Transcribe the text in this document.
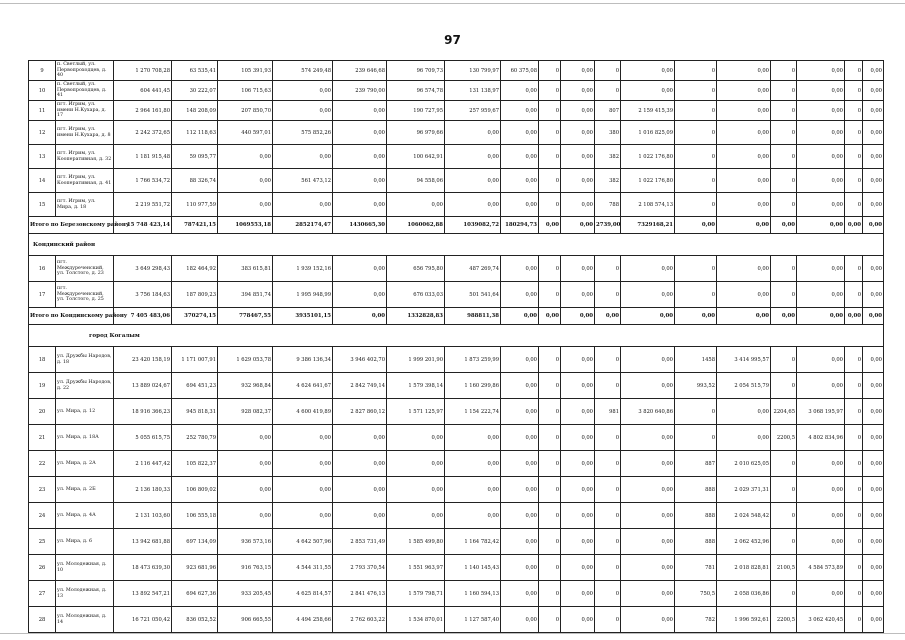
97
9	п. Светлый, ул. Первопроходцев, д. 40	1 270 708,28	63 535,41	105 391,93	574 249,48	239 646,68	96 709,73	130 799,97	60 375,08	0	0,00	0	0,00	0	0,00	0	0,00	0	0,00
10	п. Светлый, ул. Первопроходцев, д. 41	604 441,45	30 222,07	106 715,63	0,00	239 790,00	96 574,78	131 138,97	0,00	0	0,00	0	0,00	0	0,00	0	0,00	0	0,00
11	пгт. Игрим, ул. имени Н.Кухара, д. 17	2 964 161,80	148 208,09	207 850,70	0,00	0,00	190 727,95	257 959,67	0,00	0	0,00	807	2 159 415,39	0	0,00	0	0,00	0	0,00
12	пгт. Игрим, ул. имени Н.Кухара, д. 8	2 242 372,65	112 118,63	440 597,01	575 852,26	0,00	96 979,66	0,00	0,00	0	0,00	380	1 016 825,09	0	0,00	0	0,00	0	0,00
13	пгт. Игрим, ул. Кооперативная, д. 32	1 181 915,48	59 095,77	0,00	0,00	0,00	100 642,91	0,00	0,00	0	0,00	382	1 022 176,80	0	0,00	0	0,00	0	0,00
14	пгт. Игрим, ул. Кооперативная, д. 41	1 766 534,72	88 326,74	0,00	561 473,12	0,00	94 558,06	0,00	0,00	0	0,00	382	1 022 176,80	0	0,00	0	0,00	0	0,00
15	пгт. Игрим, ул. Мира, д. 18	2 219 551,72	110 977,59	0,00	0,00	0,00	0,00	0,00	0,00	0	0,00	788	2 108 574,13	0	0,00	0	0,00	0	0,00
Итого по Березовскому району		15 748 423,14	787421,15	1069553,18	2852174,47	1430665,30	1060062,88	1039082,72	180294,73	0,00	0,00	2739,00	7329168,21	0,00	0,00	0,00	0,00	0,00	0,00
Кондинский район																			
16	пгт. Междуреченский, ул. Толстого, д. 23	3 649 298,43	182 464,92	383 615,81	1 939 152,16	0,00	656 795,80	487 269,74	0,00	0	0,00	0	0,00	0	0,00	0	0,00	0	0,00
17	пгт. Междуреченский, ул. Толстого, д. 25	3 756 184,63	187 809,23	394 851,74	1 995 948,99	0,00	676 033,03	501 541,64	0,00	0	0,00	0	0,00	0	0,00	0	0,00	0	0,00
Итого по Кондинскому району		7 405 483,06	370274,15	778467,55	3935101,15	0,00	1332828,83	988811,38	0,00	0,00	0,00	0,00	0,00	0,00	0,00	0,00	0,00	0,00	0,00
город Когалым																			
18	ул. Дружбы Народов, д. 18	23 420 158,19	1 171 007,91	1 629 053,78	9 386 136,34	3 946 402,70	1 999 201,90	1 873 259,99	0,00	0	0,00	0	0,00	1458	3 414 995,57	0	0,00	0	0,00
19	ул. Дружбы Народов, д. 22	13 889 024,67	694 451,23	932 968,84	4 624 641,67	2 842 749,14	1 579 398,14	1 160 299,86	0,00	0	0,00	0	0,00	993,52	2 054 515,79	0	0,00	0	0,00
20	ул. Мира, д. 12	18 916 366,23	945 818,31	928 082,37	4 600 419,89	2 827 860,12	1 571 125,97	1 154 222,74	0,00	0	0,00	981	3 820 640,86	0	0,00	2204,65	3 068 195,97	0	0,00
21	ул. Мира, д. 18А	5 055 615,75	252 780,79	0,00	0,00	0,00	0,00	0,00	0,00	0	0,00	0	0,00	0	0,00	2200,5	4 802 834,96	0	0,00
22	ул. Мира, д. 2А	2 116 447,42	105 822,37	0,00	0,00	0,00	0,00	0,00	0,00	0	0,00	0	0,00	887	2 010 625,05	0	0,00	0	0,00
23	ул. Мира, д. 2Б	2 136 180,33	106 809,02	0,00	0,00	0,00	0,00	0,00	0,00	0	0,00	0	0,00	888	2 029 371,31	0	0,00	0	0,00
24	ул. Мира, д. 4А	2 131 103,60	106 555,18	0,00	0,00	0,00	0,00	0,00	0,00	0	0,00	0	0,00	888	2 024 548,42	0	0,00	0	0,00
25	ул. Мира, д. 6	13 942 681,88	697 134,09	936 573,16	4 642 507,96	2 853 731,49	1 585 499,80	1 164 782,42	0,00	0	0,00	0	0,00	888	2 062 452,96	0	0,00	0	0,00
26	ул. Молодежная, д. 10	18 473 639,30	923 681,96	916 763,15	4 544 311,55	2 793 370,54	1 551 963,97	1 140 145,43	0,00	0	0,00	0	0,00	781	2 018 828,81	2100,5	4 584 573,89	0	0,00
27	ул. Молодежная, д. 13	13 892 547,21	694 627,36	933 205,45	4 625 814,57	2 841 476,13	1 579 798,71	1 160 594,13	0,00	0	0,00	0	0,00	750,5	2 058 036,86	0	0,00	0	0,00
28	ул. Молодежная, д. 14	16 721 050,42	836 052,52	906 665,55	4 494 258,66	2 762 603,22	1 534 870,01	1 127 587,40	0,00	0	0,00	0	0,00	782	1 996 592,61	2200,5	3 062 420,45	0	0,00
